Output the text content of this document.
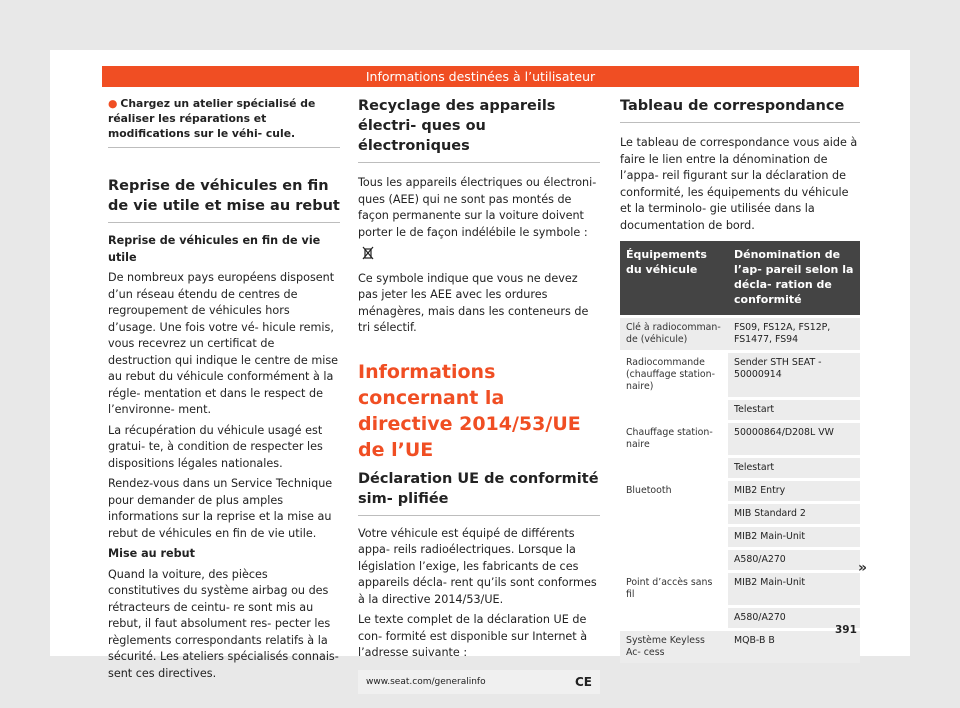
Informations destinées à l’utilisateur
● Chargez un atelier spécialisé de réaliser les réparations et modifications sur le véhi- cule.
Reprise de véhicules en fin de vie utile et mise au rebut

Reprise de véhicules en fin de vie utile

De nombreux pays européens disposent d’un réseau étendu de centres de regroupement de véhicules hors d’usage. Une fois votre vé- hicule remis, vous recevrez un certificat de destruction qui indique le centre de mise au rebut du véhicule conformément à la régle- mentation et dans le respect de l’environne- ment.

La récupération du véhicule usagé est gratui- te, à condition de respecter les dispositions légales nationales.

Rendez-vous dans un Service Technique pour demander de plus amples informations sur la reprise et la mise au rebut de véhicules en fin de vie utile.

Mise au rebut

Quand la voiture, des pièces constitutives du système airbag ou des rétracteurs de ceintu- re sont mis au rebut, il faut absolument res- pecter les règlements correspondants relatifs à la sécurité. Les ateliers spécialisés connais- sent ces directives.

Recyclage des appareils électri- ques ou électroniques

Tous les appareils électriques ou électroni- ques (AEE) qui ne sont pas montés de façon permanente sur la voiture doivent porter le de façon indélébile le symbole :

Ce symbole indique que vous ne devez pas jeter les AEE avec les ordures ménagères, mais dans les conteneurs de tri sélectif.

Informations concernant la directive 2014/53/UE de l’UE
Déclaration UE de conformité sim- plifiée

Votre véhicule est équipé de différents appa- reils radioélectriques. Lorsque la législation l’exige, les fabricants de ces appareils décla- rent qu’ils sont conformes à la directive 2014/53/UE.

Le texte complet de la déclaration UE de con- formité est disponible sur Internet à l’adresse suivante :

www.seat.com/generalinfo	CE
Tableau de correspondance

Le tableau de correspondance vous aide à faire le lien entre la dénomination de l’appa- reil figurant sur la déclaration de conformité, les équipements du véhicule et la terminolo- gie utilisée dans la documentation de bord.

Équipements du véhicule	Dénomination de l’ap- pareil selon la décla- ration de conformité
Clé à radiocomman- de (véhicule)	FS09, FS12A, FS12P, FS1477, FS94
Radiocommande (chauffage station- naire)	Sender STH SEAT - 50000914
	Telestart
Chauffage station- naire	50000864/D208L VW
	Telestart
Bluetooth	MIB2 Entry
	MIB Standard 2
	MIB2 Main-Unit
	A580/A270
Point d’accès sans fil	MIB2 Main-Unit
	A580/A270
Système Keyless Ac- cess	MQB-B B
»
391
